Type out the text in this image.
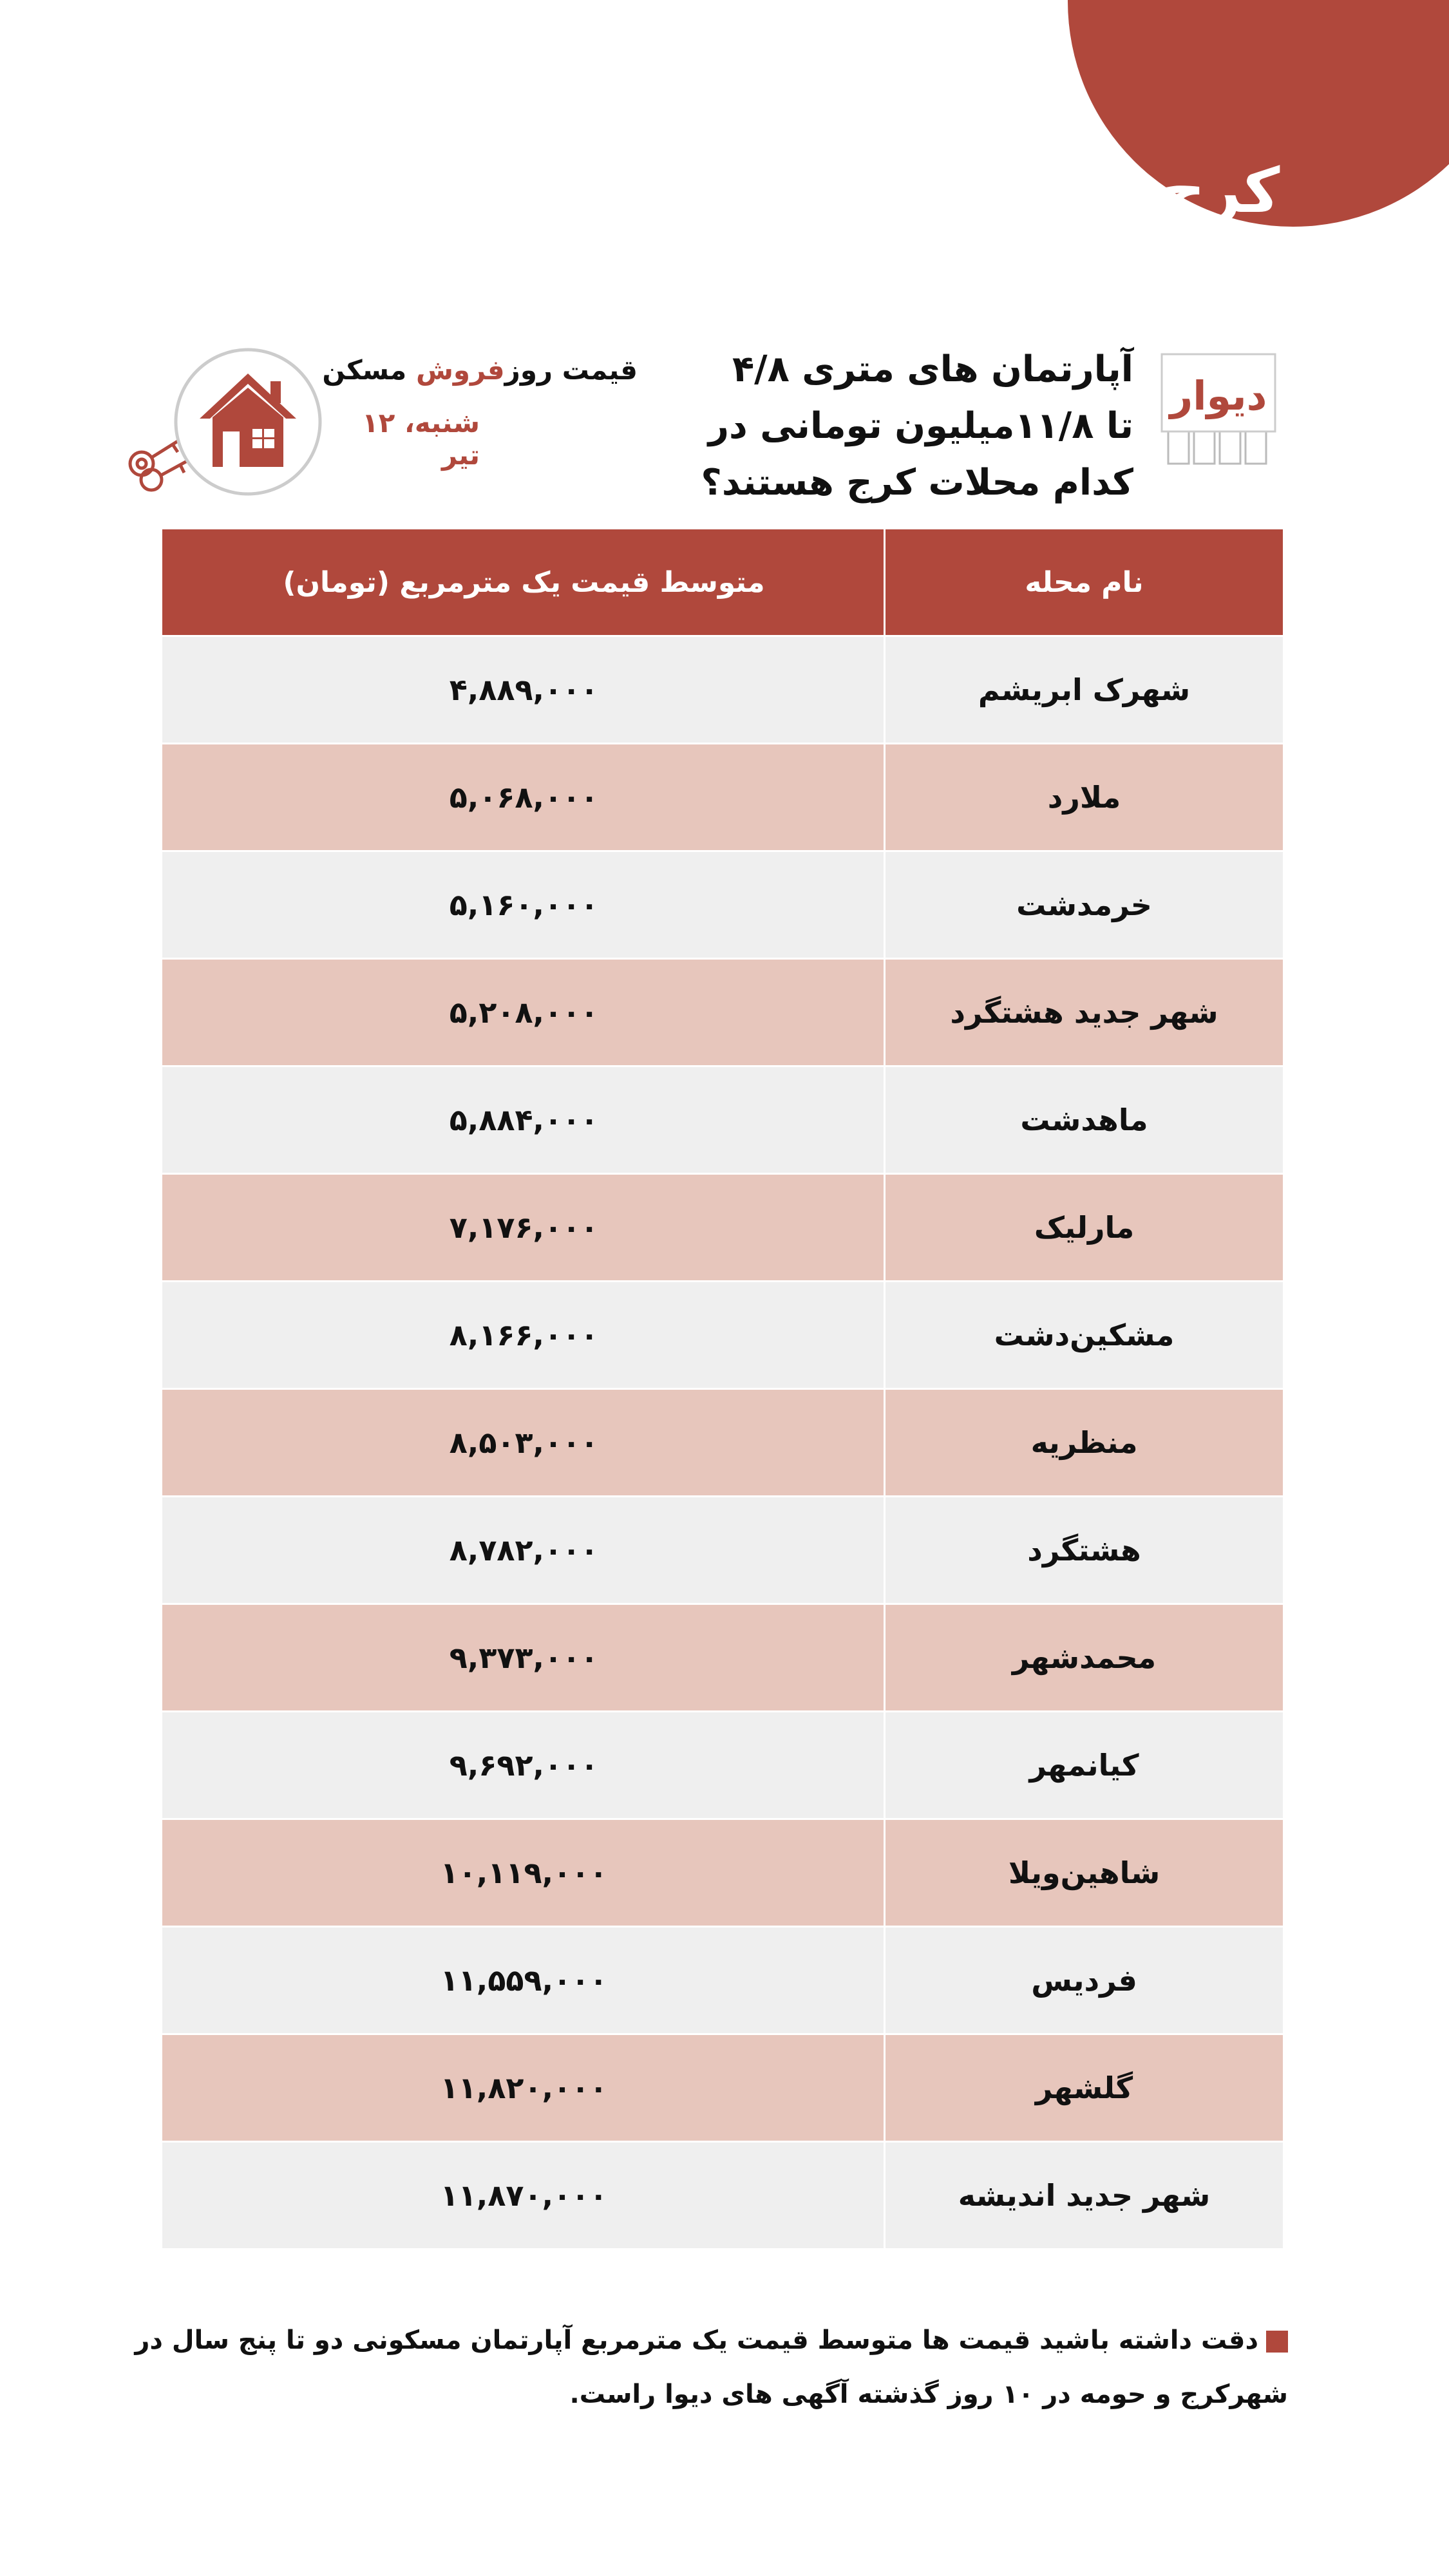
کرج
دیوار
آپارتمان های متری ۴/۸
تا ۱۱/۸میلیون تومانی در
کدام محلات کرج هستند؟
قیمت روزفروش مسکن
شنبه، ۱۲ تیر
نام محله
متوسط قیمت یک مترمربع (تومان)
شهرک ابریشم
۴,۸۸۹,۰۰۰
ملارد
۵,۰۶۸,۰۰۰
خرمدشت
۵,۱۶۰,۰۰۰
شهر جدید هشتگرد
۵,۲۰۸,۰۰۰
ماهدشت
۵,۸۸۴,۰۰۰
مارلیک
۷,۱۷۶,۰۰۰
مشکین‌دشت
۸,۱۶۶,۰۰۰
منظریه
۸,۵۰۳,۰۰۰
هشتگرد
۸,۷۸۲,۰۰۰
محمدشهر
۹,۳۷۳,۰۰۰
کیانمهر
۹,۶۹۲,۰۰۰
شاهین‌ویلا
۱۰,۱۱۹,۰۰۰
فردیس
۱۱,۵۵۹,۰۰۰
گلشهر
۱۱,۸۲۰,۰۰۰
شهر جدید اندیشه
۱۱,۸۷۰,۰۰۰
دقت داشته باشید قیمت ها متوسط قیمت یک مترمربع آپارتمان مسکونی دو تا پنج سال در
شهرکرج و حومه در ۱۰ روز گذشته آگهی های دیوا راست.
